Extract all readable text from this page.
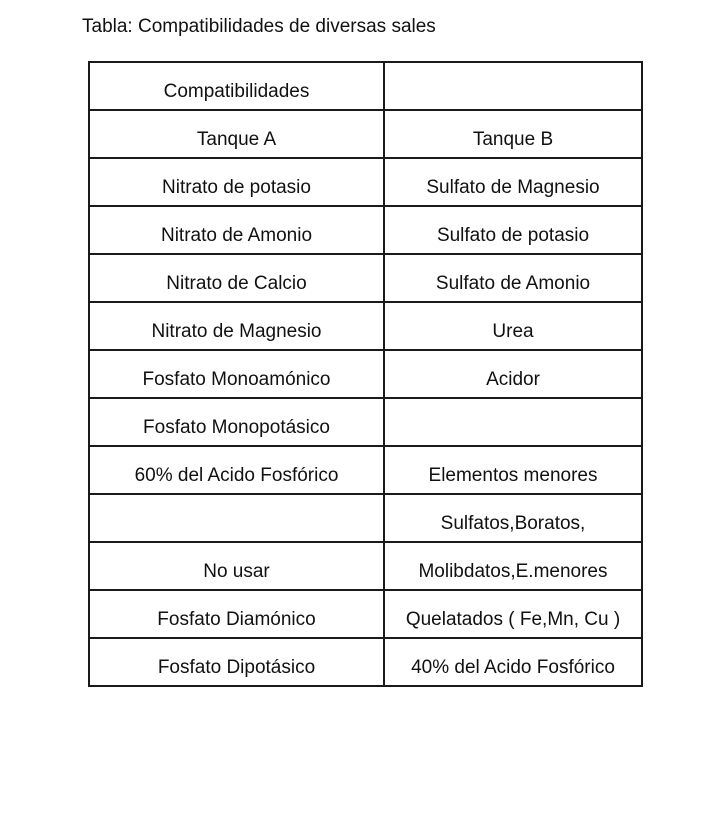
Tabla: Compatibilidades de diversas sales
Compatibilidades	
Tanque A	Tanque B
Nitrato de potasio	Sulfato de Magnesio
Nitrato de Amonio	Sulfato de potasio
Nitrato de Calcio	Sulfato de Amonio
Nitrato de Magnesio	Urea
Fosfato Monoamónico	Acidor
Fosfato Monopotásico	
60% del Acido Fosfórico	Elementos menores
	Sulfatos,Boratos,
No usar	Molibdatos,E.menores
Fosfato Diamónico	Quelatados ( Fe,Mn, Cu )
Fosfato Dipotásico	40% del Acido Fosfórico
